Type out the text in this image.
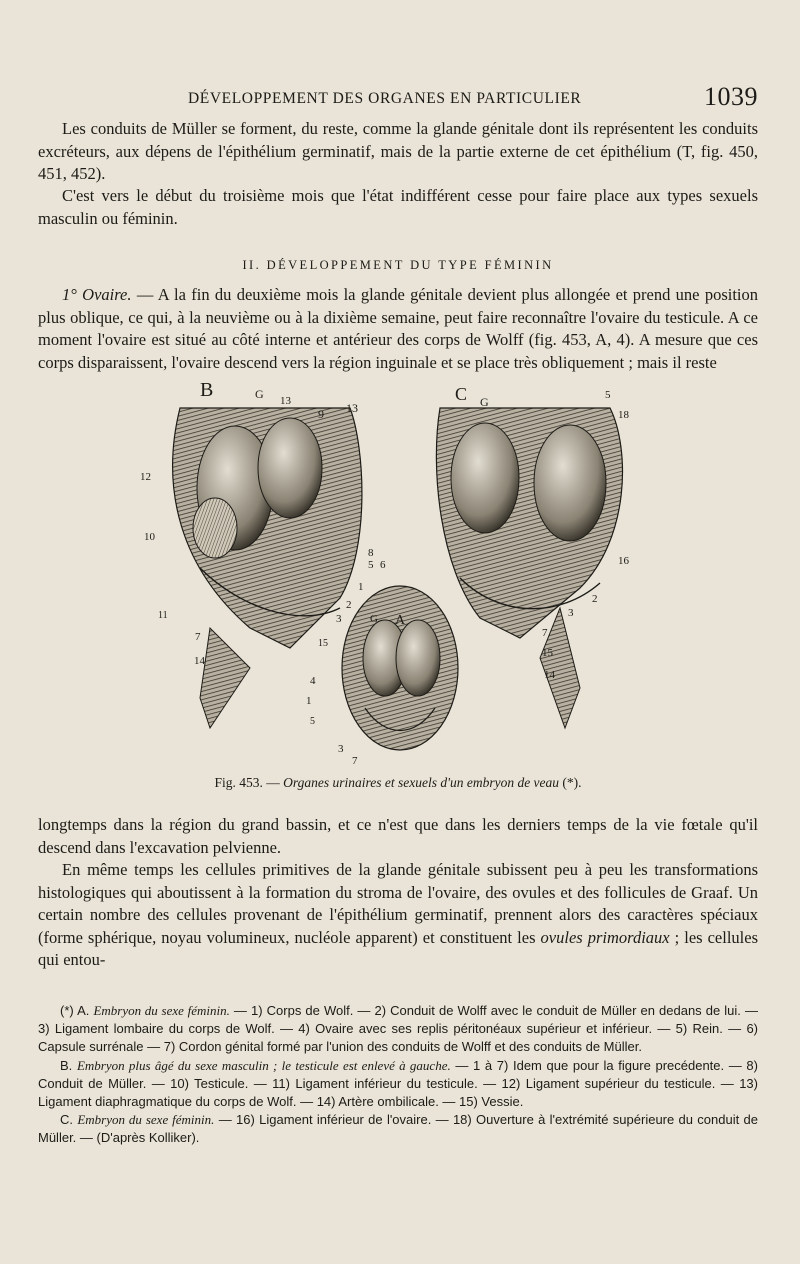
DÉVELOPPEMENT DES ORGANES EN PARTICULIER	1039

Les conduits de Müller se forment, du reste, comme la glande génitale dont ils représentent les conduits excréteurs, aux dépens de l'épithélium germinatif, mais de la partie externe de cet épithélium (T, fig. 450, 451, 452).

C'est vers le début du troisième mois que l'état indifférent cesse pour faire place aux types sexuels masculin ou féminin.

II. DÉVELOPPEMENT DU TYPE FÉMININ

1° Ovaire. — A la fin du deuxième mois la glande génitale devient plus allongée et prend une position plus oblique, ce qui, à la neuvième ou à la dixième semaine, peut faire reconnaître l'ovaire du testicule. A ce moment l'ovaire est situé au côté interne et antérieur des corps de Wolff (fig. 453, A, 4). A mesure que ces corps disparaissent, l'ovaire descend vers la région inguinale et se place très obliquement ; mais il reste

B	G 13
9 13
C G	5
18
12
10
8
5 6
1
2
3	G A
15
11
7
14
4
1
5
3
7
2
3
7
15
14
16
Fig. 453. — Organes urinaires et sexuels d'un embryon de veau (*).

longtemps dans la région du grand bassin, et ce n'est que dans les derniers temps de la vie fœtale qu'il descend dans l'excavation pelvienne.

En même temps les cellules primitives de la glande génitale subissent peu à peu les transformations histologiques qui aboutissent à la formation du stroma de l'ovaire, des ovules et des follicules de Graaf. Un certain nombre des cellules provenant de l'épithélium germinatif, prennent alors des caractères spéciaux (forme sphérique, noyau volumineux, nucléole apparent) et constituent les ovules primordiaux ; les cellules qui entou-

(*) A. Embryon du sexe féminin. — 1) Corps de Wolf. — 2) Conduit de Wolff avec le conduit de Müller en dedans de lui. — 3) Ligament lombaire du corps de Wolf. — 4) Ovaire avec ses replis péritonéaux supérieur et inférieur. — 5) Rein. — 6) Capsule surrénale — 7) Cordon génital formé par l'union des conduits de Wolff et des conduits de Müller.

B. Embryon plus âgé du sexe masculin ; le testicule est enlevé à gauche. — 1 à 7) Idem que pour la figure precédente. — 8) Conduit de Müller. — 10) Testicule. — 11) Ligament inférieur du testicule. — 12) Ligament supérieur du testicule. — 13) Ligament diaphragmatique du corps de Wolf. — 14) Artère ombilicale. — 15) Vessie.

C. Embryon du sexe féminin. — 16) Ligament inférieur de l'ovaire. — 18) Ouverture à l'extrémité supérieure du conduit de Müller. — (D'après Kolliker).
